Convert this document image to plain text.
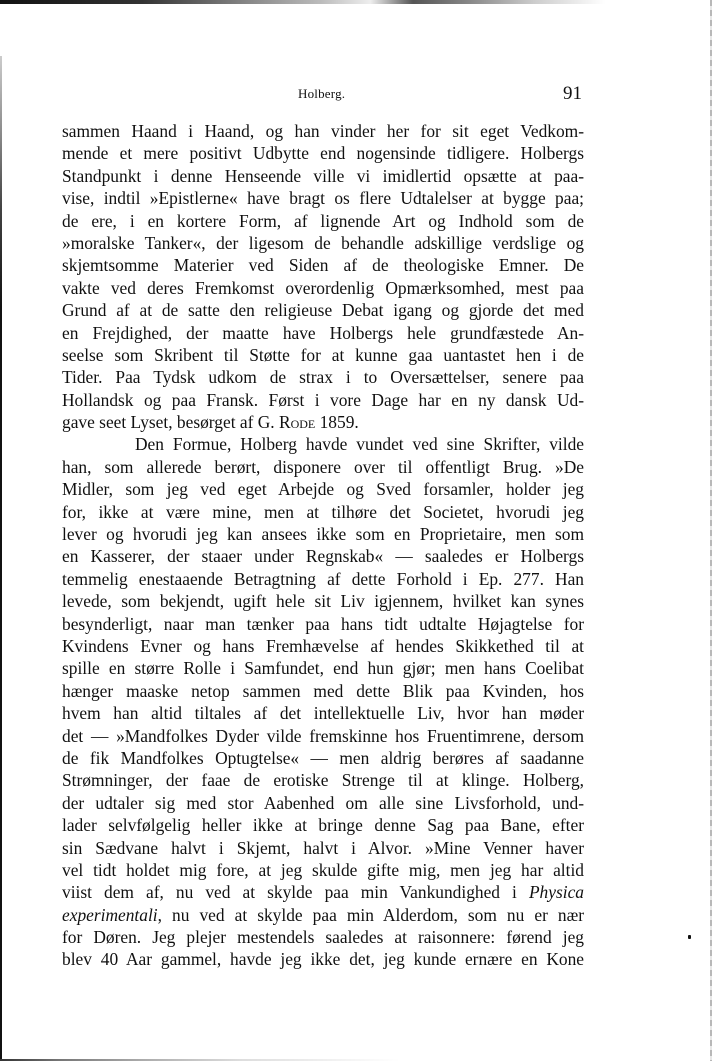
Holberg.	91
sammen Haand i Haand, og han vinder her for sit eget Vedkom-
mende et mere positivt Udbytte end nogensinde tidligere. Holbergs
Standpunkt i denne Henseende ville vi imidlertid opsætte at paa-
vise, indtil »Epistlerne« have bragt os flere Udtalelser at bygge paa;
de ere, i en kortere Form, af lignende Art og Indhold som de
»moralske Tanker«, der ligesom de behandle adskillige verdslige og
skjemtsomme Materier ved Siden af de theologiske Emner. De
vakte ved deres Fremkomst overordenlig Opmærksomhed, mest paa
Grund af at de satte den religieuse Debat igang og gjorde det med
en Frejdighed, der maatte have Holbergs hele grundfæstede An-
seelse som Skribent til Støtte for at kunne gaa uantastet hen i de
Tider. Paa Tydsk udkom de strax i to Oversættelser, senere paa
Hollandsk og paa Fransk. Først i vore Dage har en ny dansk Ud-
gave seet Lyset, besørget af G. Rode 1859.
Den Formue, Holberg havde vundet ved sine Skrifter, vilde
han, som allerede berørt, disponere over til offentligt Brug. »De
Midler, som jeg ved eget Arbejde og Sved forsamler, holder jeg
for, ikke at være mine, men at tilhøre det Societet, hvorudi jeg
lever og hvorudi jeg kan ansees ikke som en Proprietaire, men som
en Kasserer, der staaer under Regnskab« — saaledes er Holbergs
temmelig enestaaende Betragtning af dette Forhold i Ep. 277. Han
levede, som bekjendt, ugift hele sit Liv igjennem, hvilket kan synes
besynderligt, naar man tænker paa hans tidt udtalte Højagtelse for
Kvindens Evner og hans Fremhævelse af hendes Skikkethed til at
spille en større Rolle i Samfundet, end hun gjør; men hans Coelibat
hænger maaske netop sammen med dette Blik paa Kvinden, hos
hvem han altid tiltales af det intellektuelle Liv, hvor han møder
det — »Mandfolkes Dyder vilde fremskinne hos Fruentimrene, dersom
de fik Mandfolkes Optugtelse« — men aldrig berøres af saadanne
Strømninger, der faae de erotiske Strenge til at klinge. Holberg,
der udtaler sig med stor Aabenhed om alle sine Livsforhold, und-
lader selvfølgelig heller ikke at bringe denne Sag paa Bane, efter
sin Sædvane halvt i Skjemt, halvt i Alvor. »Mine Venner haver
vel tidt holdet mig fore, at jeg skulde gifte mig, men jeg har altid
viist dem af, nu ved at skylde paa min Vankundighed i Physica
experimentali, nu ved at skylde paa min Alderdom, som nu er nær
for Døren. Jeg plejer mestendels saaledes at raisonnere: førend jeg
blev 40 Aar gammel, havde jeg ikke det, jeg kunde ernære en Kone
